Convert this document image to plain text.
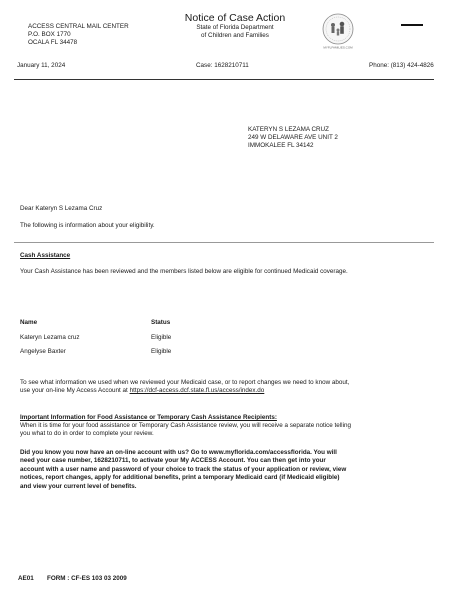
ACCESS CENTRAL MAIL CENTER
P.O. BOX 1770
OCALA FL 34478
Notice of Case Action
State of Florida Department
of Children and Families
MYFLFAMILIES.COM
January 11, 2024	Case: 1628210711	Phone: (813) 424-4826
KATERYN S LEZAMA CRUZ
249 W DELAWARE AVE UNIT 2
IMMOKALEE FL 34142
Dear Kateryn S Lezama Cruz
The following is information about your eligibility.
Cash Assistance
Your Cash Assistance has been reviewed and the members listed below are eligible for continued Medicaid coverage.
Name	Status
Kateryn Lezama cruz	Eligible
Angelyse Baxter	Eligible
To see what information we used when we reviewed your Medicaid case, or to report changes we need to know about,
use your on-line My Access Account at https://dcf-access.dcf.state.fl.us/access/index.do
Important Information for Food Assistance or Temporary Cash Assistance Recipients:
When it is time for your food assistance or Temporary Cash Assistance review, you will receive a separate notice telling
you what to do in order to complete your review.
Did you know you now have an on-line account with us? Go to www.myflorida.com/accessflorida. You will
need your case number, 1628210711, to activate your My ACCESS Account. You can then get into your
account with a user name and password of your choice to track the status of your application or review, view
notices, report changes, apply for additional benefits, print a temporary Medicaid card (if Medicaid eligible)
and view your current level of benefits.
AE01 FORM : CF-ES 103 03 2009
